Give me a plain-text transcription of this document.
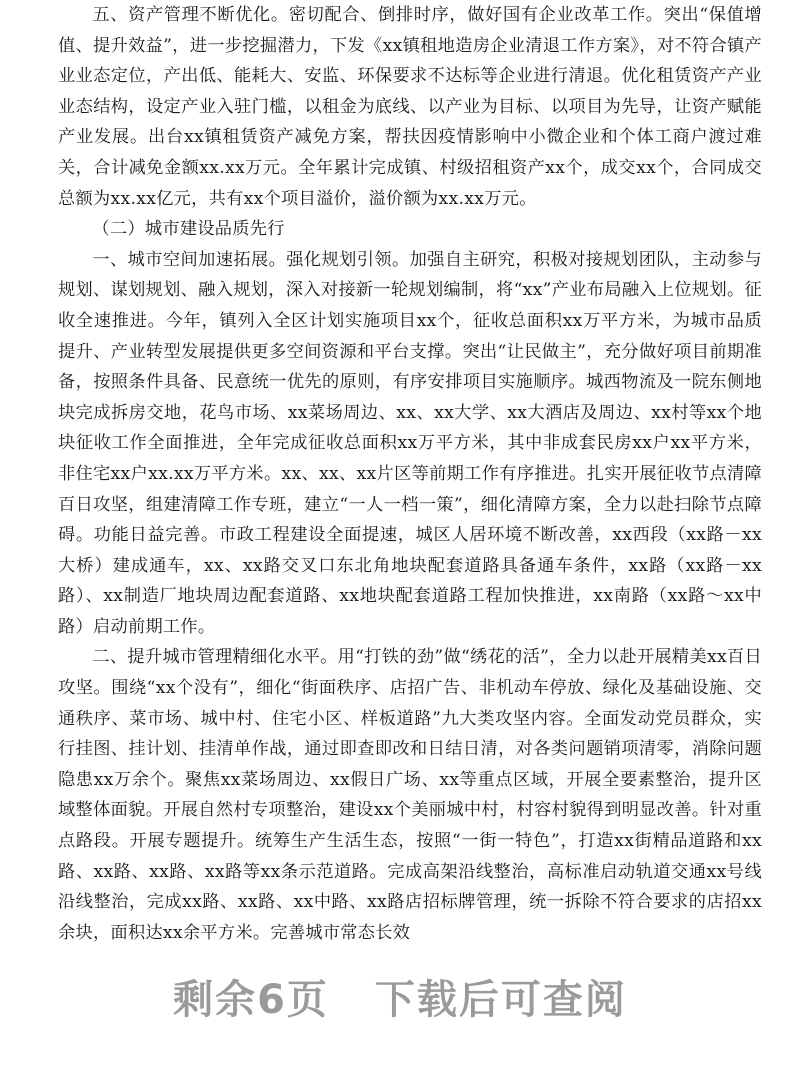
五、资产管理不断优化。密切配合、倒排时序，做好国有企业改革工作。突出“保值增值、提升效益”，进一步挖掘潜力，下发《xx镇租地造房企业清退工作方案》，对不符合镇产业业态定位，产出低、能耗大、安监、环保要求不达标等企业进行清退。优化租赁资产产业业态结构，设定产业入驻门槛，以租金为底线、以产业为目标、以项目为先导，让资产赋能产业发展。出台xx镇租赁资产减免方案，帮扶因疫情影响中小微企业和个体工商户渡过难关，合计减免金额xx.xx万元。全年累计完成镇、村级招租资产xx个，成交xx个，合同成交总额为xx.xx亿元，共有xx个项目溢价，溢价额为xx.xx万元。

（二）城市建设品质先行

一、城市空间加速拓展。强化规划引领。加强自主研究，积极对接规划团队，主动参与规划、谋划规划、融入规划，深入对接新一轮规划编制，将“xx”产业布局融入上位规划。征收全速推进。今年，镇列入全区计划实施项目xx个，征收总面积xx万平方米，为城市品质提升、产业转型发展提供更多空间资源和平台支撑。突出“让民做主”，充分做好项目前期准备，按照条件具备、民意统一优先的原则，有序安排项目实施顺序。城西物流及一院东侧地块完成拆房交地，花鸟市场、xx菜场周边、xx、xx大学、xx大酒店及周边、xx村等xx个地块征收工作全面推进，全年完成征收总面积xx万平方米，其中非成套民房xx户xx平方米，非住宅xx户xx.xx万平方米。xx、xx、xx片区等前期工作有序推进。扎实开展征收节点清障百日攻坚，组建清障工作专班，建立“一人一档一策”，细化清障方案，全力以赴扫除节点障碍。功能日益完善。市政工程建设全面提速，城区人居环境不断改善，xx西段（xx路－xx大桥）建成通车，xx、xx路交叉口东北角地块配套道路具备通车条件，xx路（xx路－xx路）、xx制造厂地块周边配套道路、xx地块配套道路工程加快推进，xx南路（xx路～xx中路）启动前期工作。

二、提升城市管理精细化水平。用“打铁的劲”做“绣花的活”，全力以赴开展精美xx百日攻坚。围绕“xx个没有”，细化“街面秩序、店招广告、非机动车停放、绿化及基础设施、交通秩序、菜市场、城中村、住宅小区、样板道路”九大类攻坚内容。全面发动党员群众，实行挂图、挂计划、挂清单作战，通过即查即改和日结日清，对各类问题销项清零，消除问题隐患xx万余个。聚焦xx菜场周边、xx假日广场、xx等重点区域，开展全要素整治，提升区域整体面貌。开展自然村专项整治，建设xx个美丽城中村，村容村貌得到明显改善。针对重点路段。开展专题提升。统筹生产生活生态，按照“一街一特色”，打造xx街精品道路和xx路、xx路、xx路、xx路等xx条示范道路。完成高架沿线整治，高标准启动轨道交通xx号线沿线整治，完成xx路、xx路、xx中路、xx路店招标牌管理，统一拆除不符合要求的店招xx余块，面积达xx余平方米。完善城市常态长效

剩余6页 下载后可查阅
